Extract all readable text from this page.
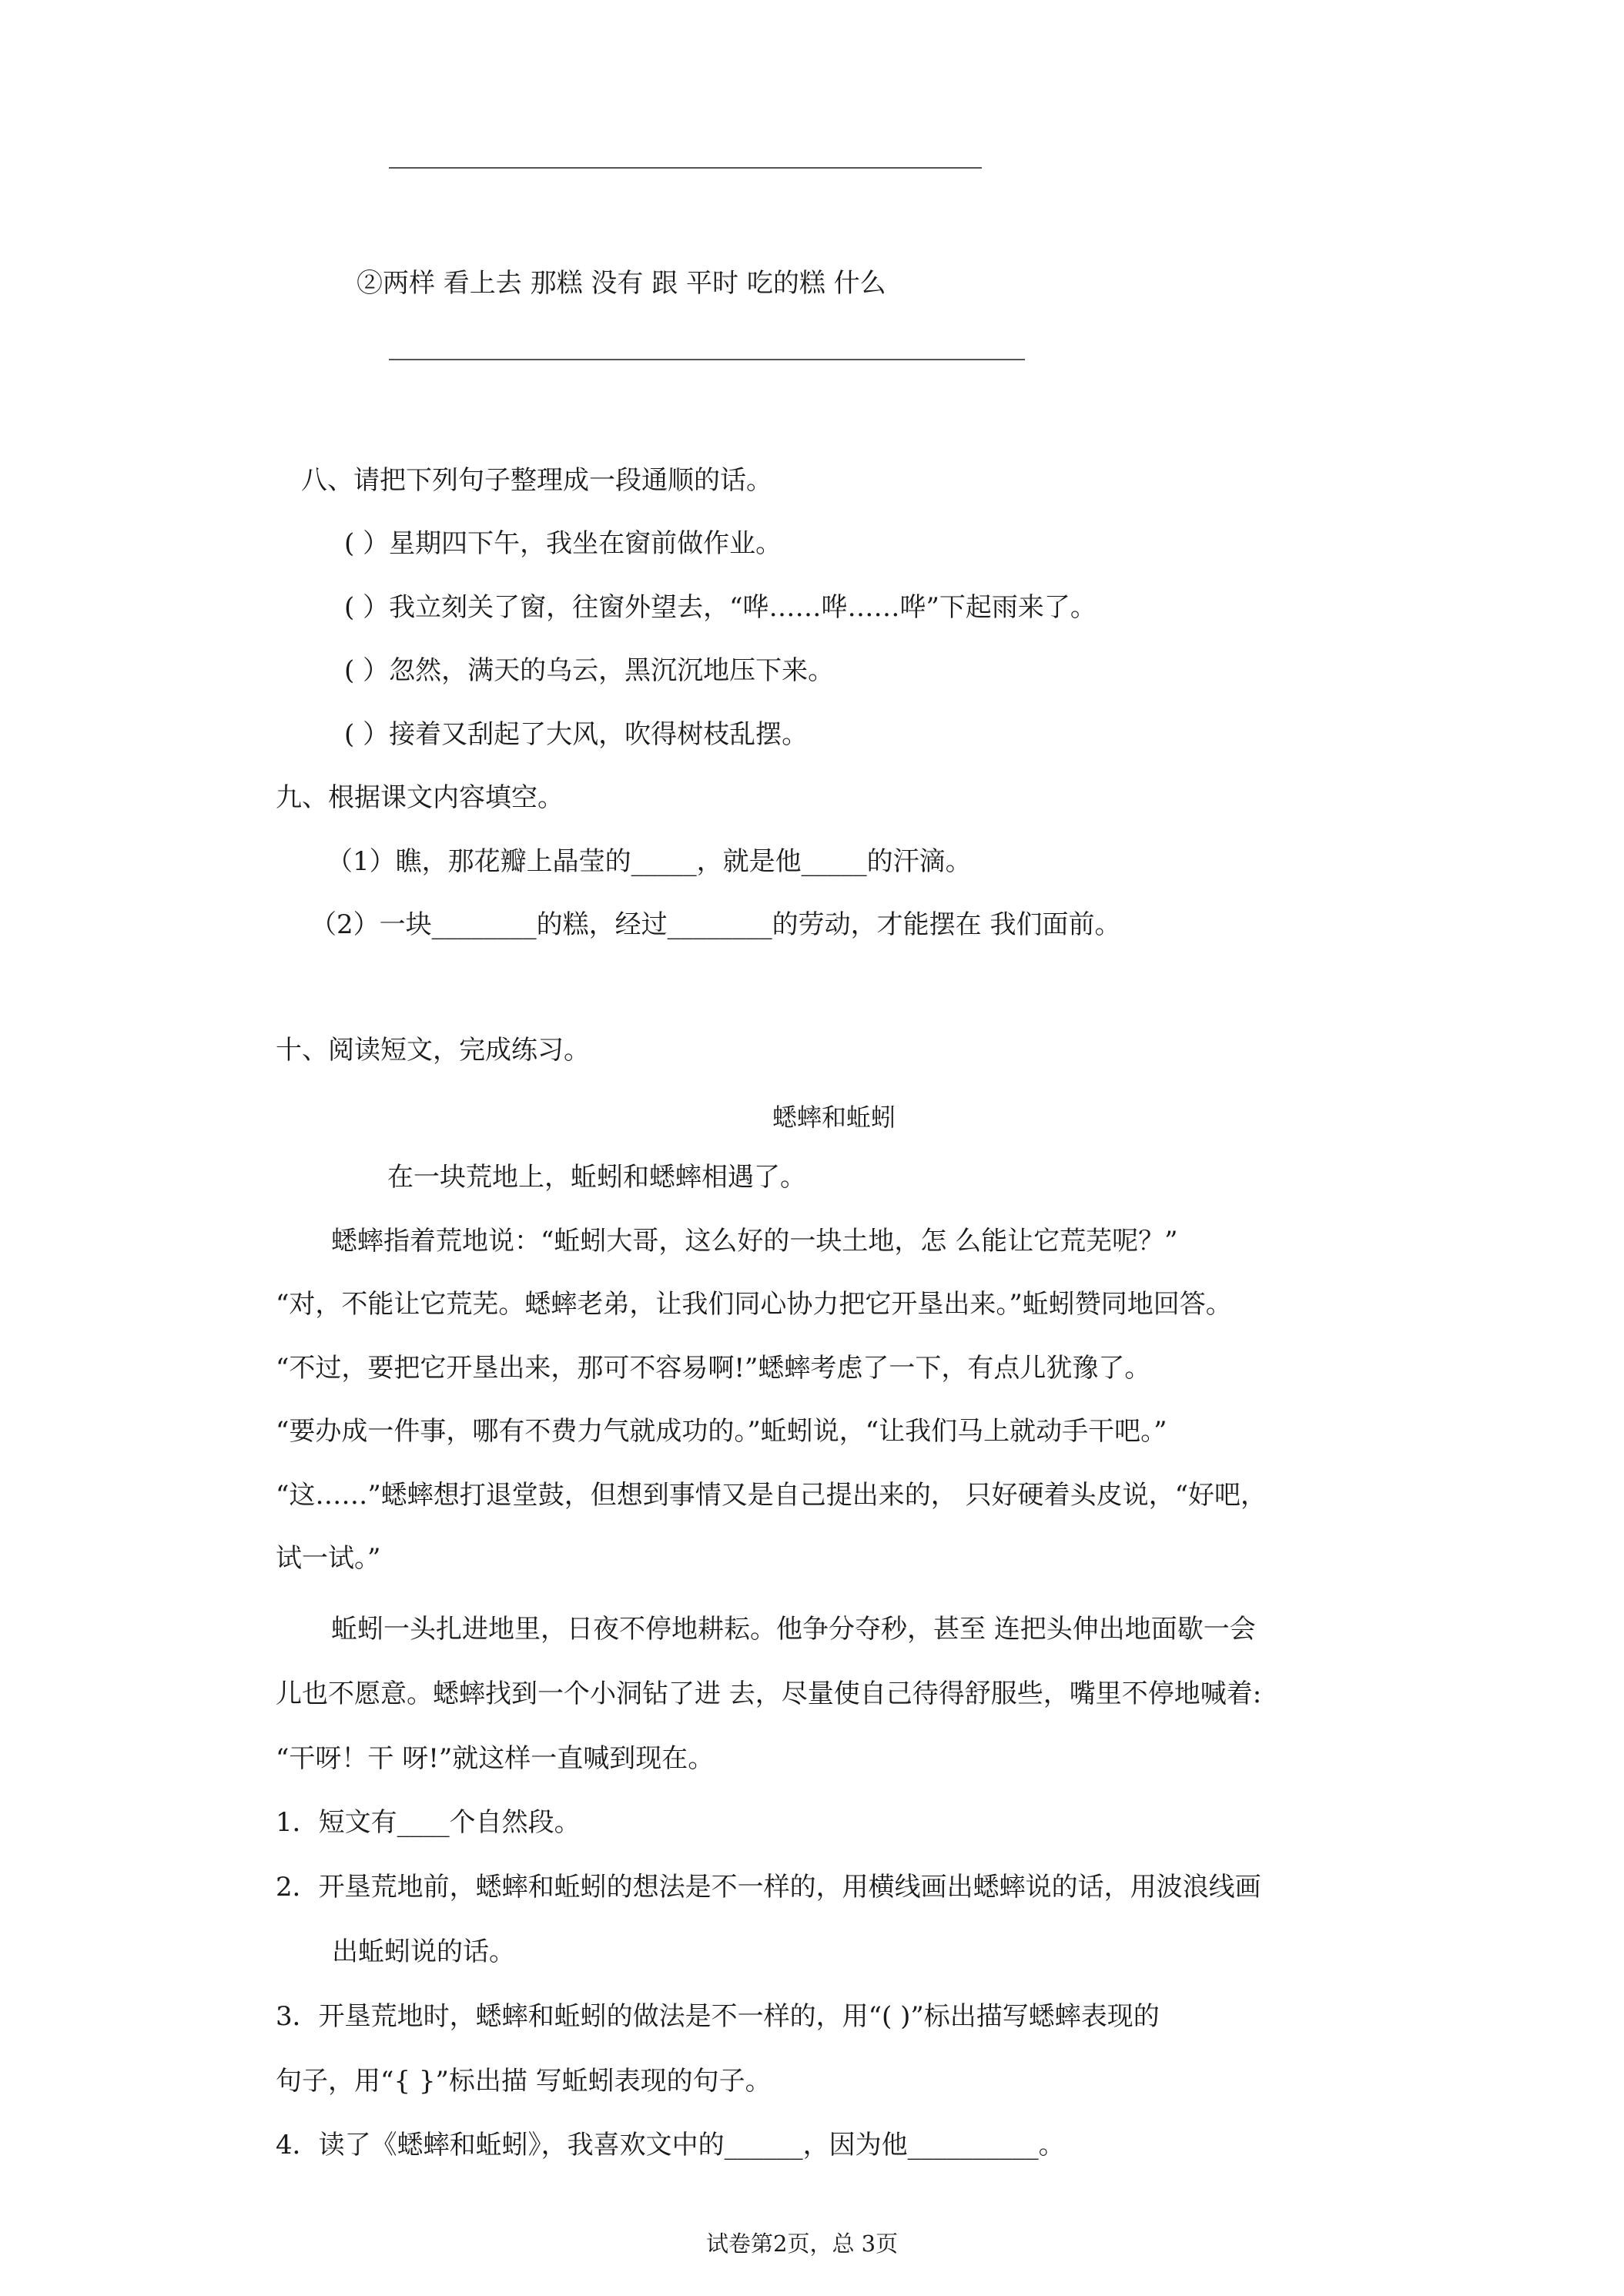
②两样 看上去 那糕 没有 跟 平时 吃的糕 什么
八、请把下列句子整理成一段通顺的话。
( ）星期四下午，我坐在窗前做作业。
( ）我立刻关了窗，往窗外望去，“哗……哗……哗”下起雨来了。
( ）忽然，满天的乌云，黑沉沉地压下来。
( ）接着又刮起了大风，吹得树枝乱摆。
九、根据课文内容填空。
（1）瞧，那花瓣上晶莹的_____，就是他_____的汗滴。
（2）一块________的糕，经过________的劳动，才能摆在 我们面前。
十、阅读短文，完成练习。
蟋蟀和蚯蚓
在一块荒地上，蚯蚓和蟋蟀相遇了。
蟋蟀指着荒地说：“蚯蚓大哥，这么好的一块土地，怎 么能让它荒芜呢？”
“对，不能让它荒芜。蟋蟀老弟，让我们同心协力把它开垦出来。”蚯蚓赞同地回答。
“不过，要把它开垦出来，那可不容易啊!”蟋蟀考虑了一下，有点儿犹豫了。
“要办成一件事，哪有不费力气就成功的。”蚯蚓说，“让我们马上就动手干吧。”
“这……”蟋蟀想打退堂鼓，但想到事情又是自己提出来的， 只好硬着头皮说，“好吧，
试一试。”
蚯蚓一头扎进地里，日夜不停地耕耘。他争分夺秒，甚至 连把头伸出地面歇一会
儿也不愿意。蟋蟀找到一个小洞钻了进 去，尽量使自己待得舒服些，嘴里不停地喊着:
“干呀！干 呀!”就这样一直喊到现在。
1．短文有____个自然段。
2．开垦荒地前，蟋蟀和蚯蚓的想法是不一样的，用横线画出蟋蟀说的话，用波浪线画
出蚯蚓说的话。
3．开垦荒地时，蟋蟀和蚯蚓的做法是不一样的，用“( )”标出描写蟋蟀表现的
句子，用“{ }”标出描 写蚯蚓表现的句子。
4．读了《蟋蟀和蚯蚓》，我喜欢文中的______，因为他__________。
试卷第2页，总 3页
